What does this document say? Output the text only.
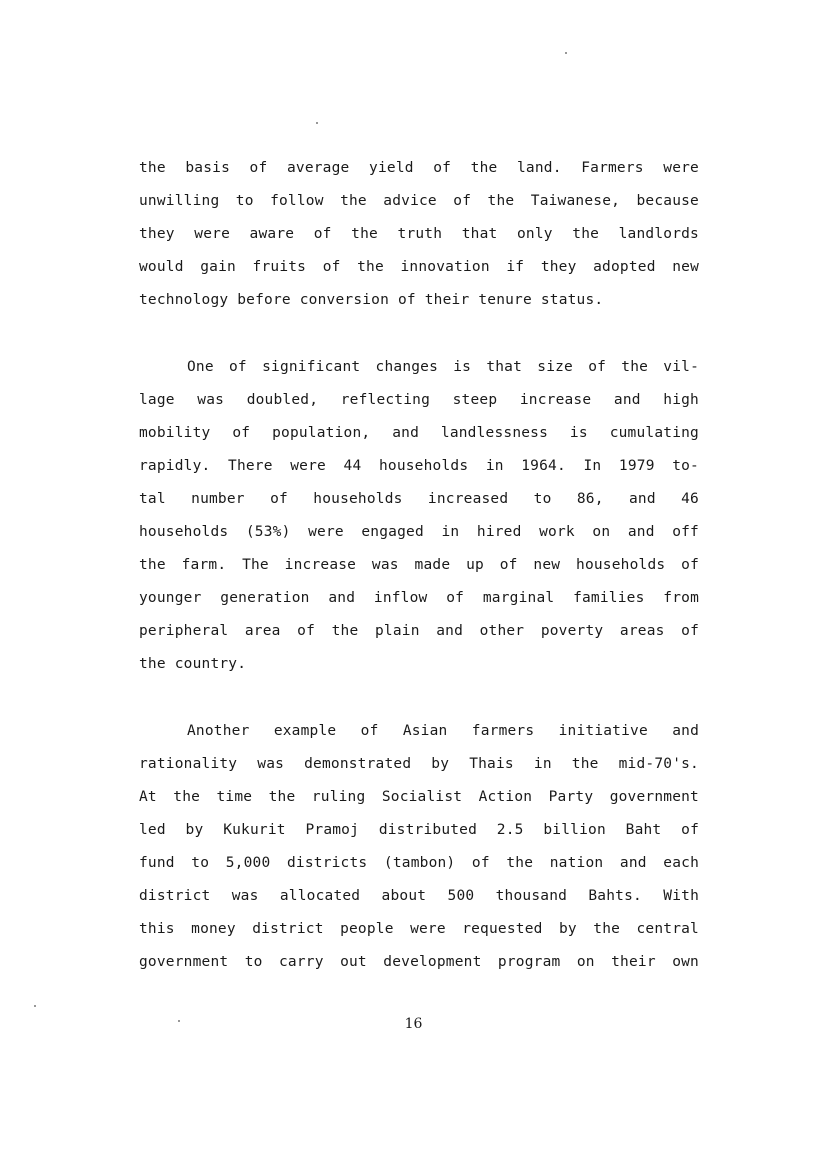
the basis of average yield of the land. Farmers were
unwilling to follow the advice of the Taiwanese, because
they were aware of the truth that only the landlords
would gain fruits of the innovation if they adopted new
technology before conversion of their tenure status.
One of significant changes is that size of the vil-
lage was doubled, reflecting steep increase and high
mobility of population, and landlessness is cumulating
rapidly. There were 44 households in 1964. In 1979 to-
tal number of households increased to 86, and 46
households (53%) were engaged in hired work on and off
the farm. The increase was made up of new households of
younger generation and inflow of marginal families from
peripheral area of the plain and other poverty areas of
the country.
Another example of Asian farmers initiative and
rationality was demonstrated by Thais in the mid-70's.
At the time the ruling Socialist Action Party government
led by Kukurit Pramoj distributed 2.5 billion Baht of
fund to 5,000 districts (tambon) of the nation and each
district was allocated about 500 thousand Bahts. With
this money district people were requested by the central
government to carry out development program on their own
16
